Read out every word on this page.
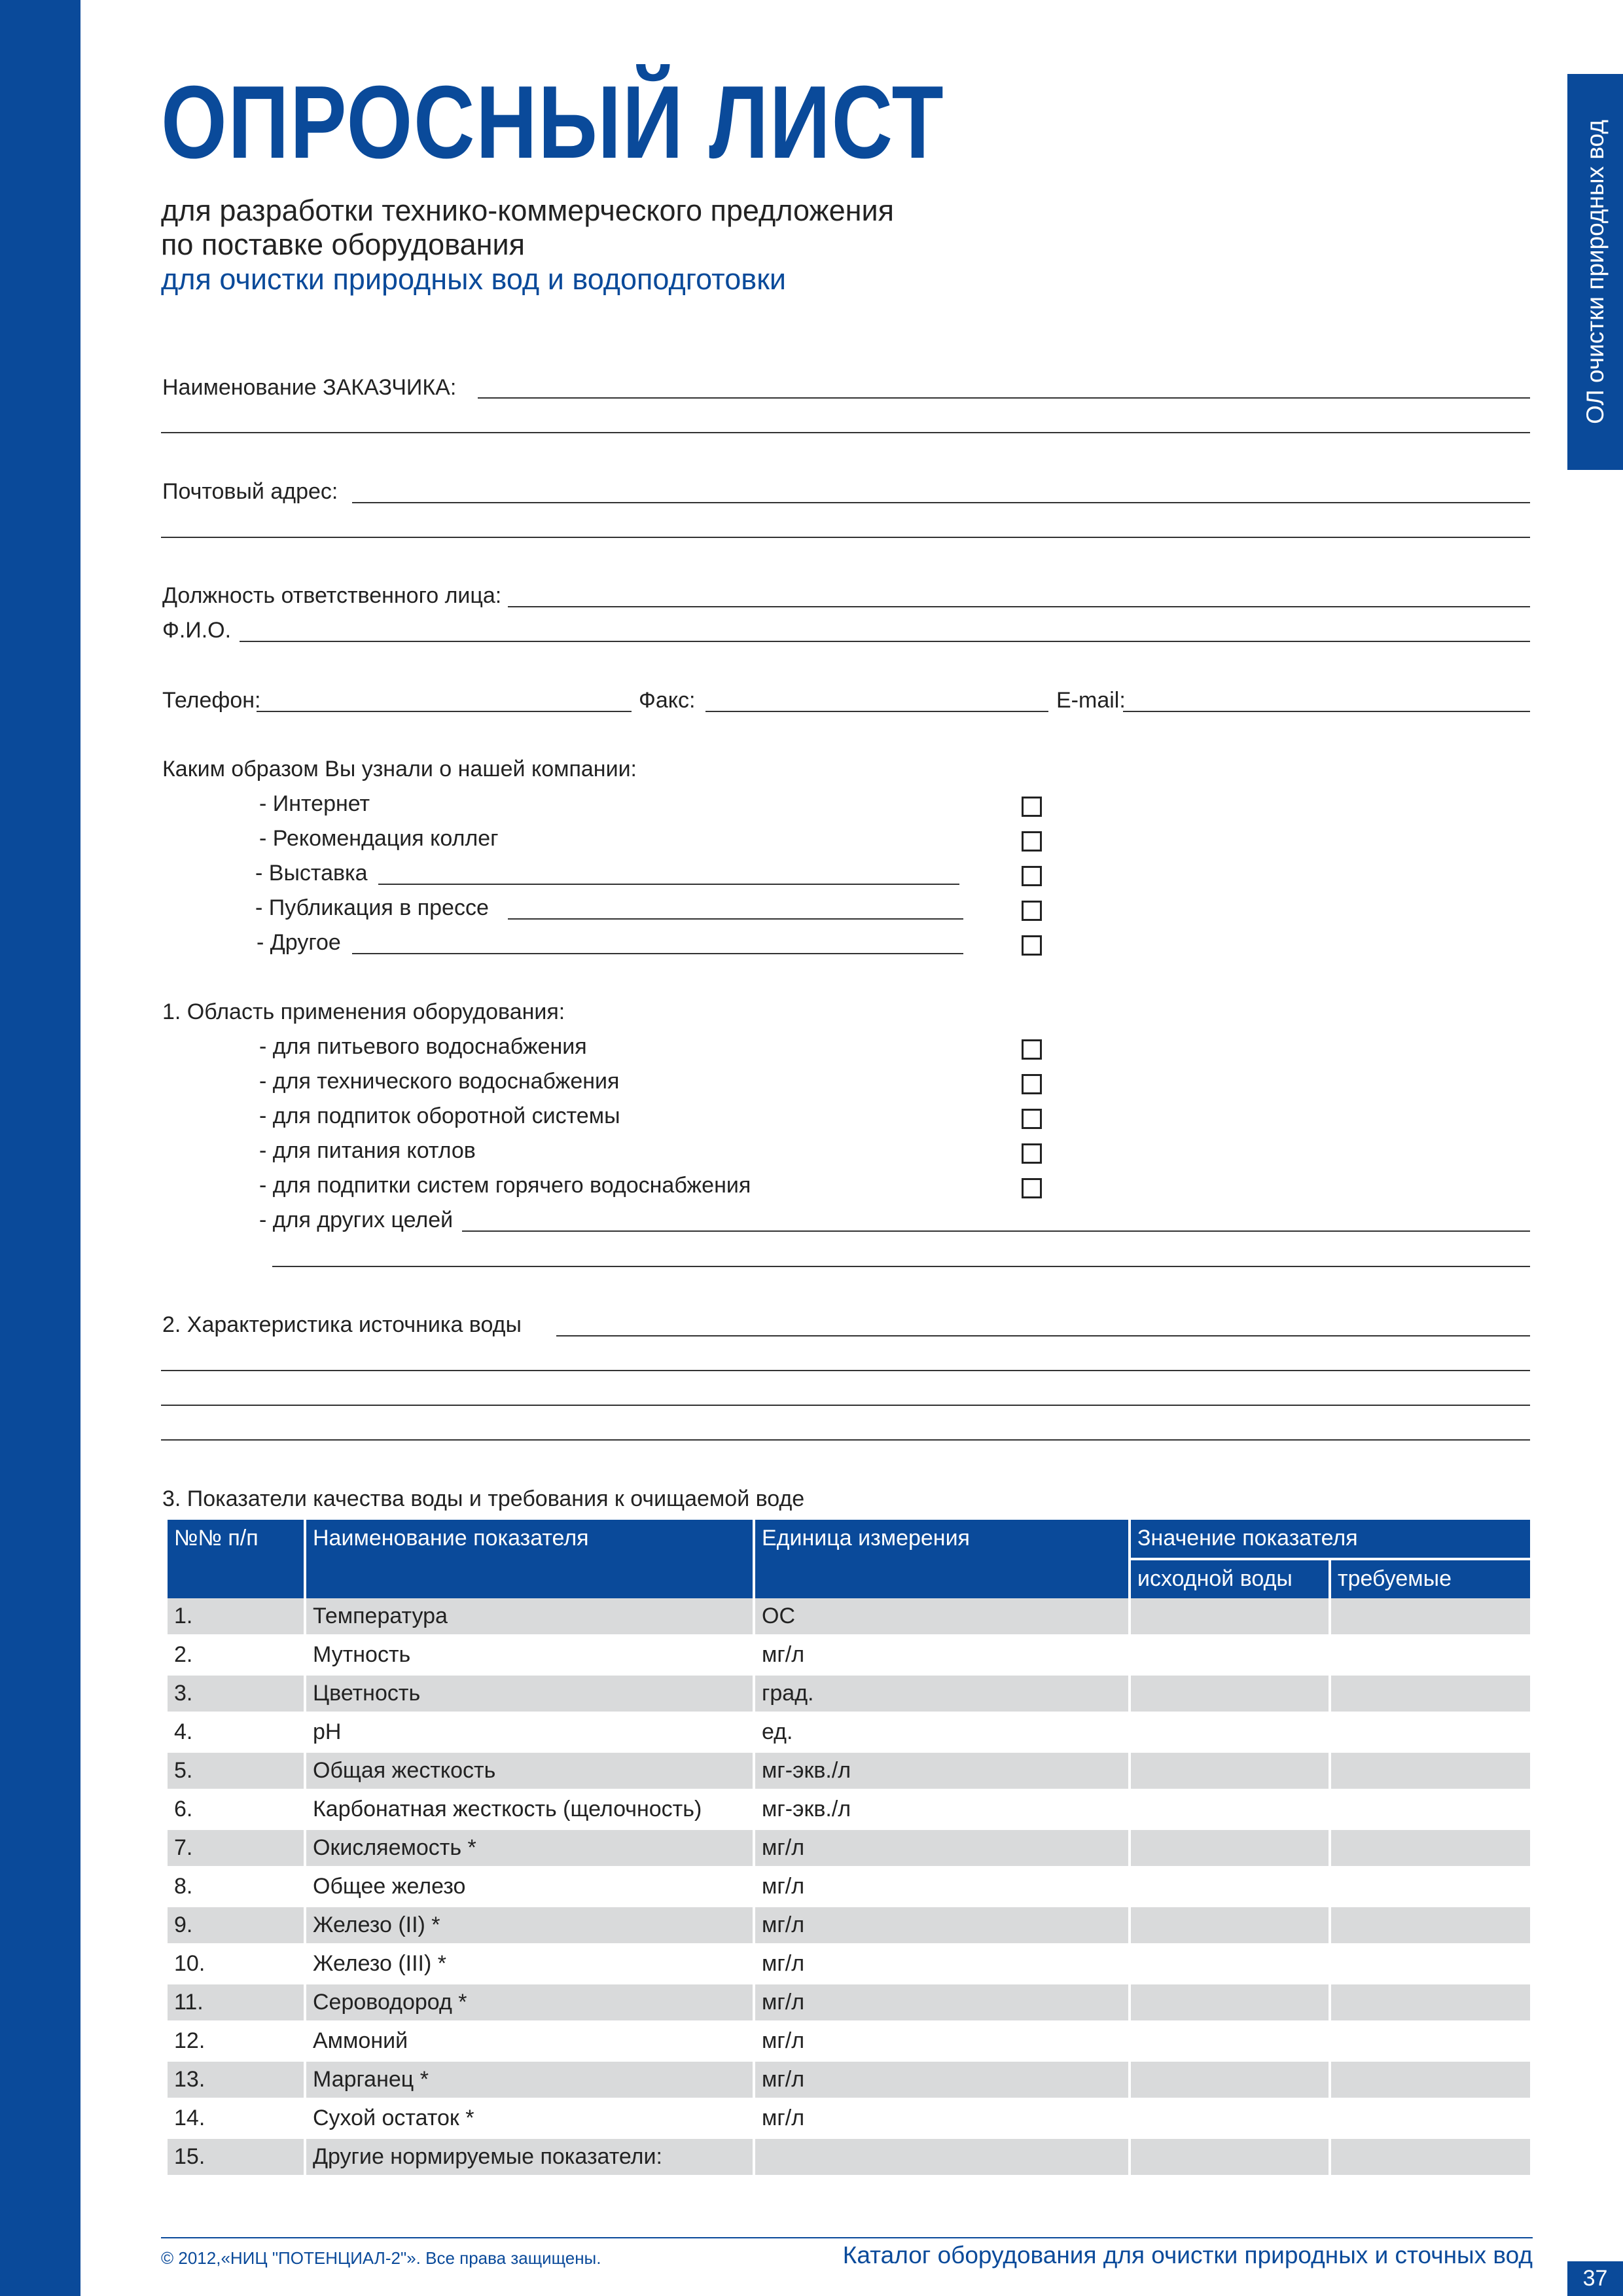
ОЛ очистки природных вод
ОПРОСНЫЙ ЛИСТ
для разработки технико-коммерческого предложения
по поставке оборудования
для очистки природных вод и водоподготовки
Наименование ЗАКАЗЧИКА:
Почтовый адрес:
Должность ответственного лица:
Ф.И.О.
Телефон:	Факс:	E-mail:
Каким образом Вы узнали о нашей компании:
- Интернет
- Рекомендация коллег
- Выставка
- Публикация в прессе
- Другое
1. Область применения оборудования:
- для питьевого водоснабжения
- для технического водоснабжения
- для подпиток оборотной системы
- для питания котлов
- для подпитки систем горячего водоснабжения
- для других целей
2. Характеристика источника воды
3. Показатели качества воды и требования к очищаемой воде
№№ п/п	Наименование показателя	Единица измерения	Значение показателя	
			исходной воды	требуемые
1.	Температура	OC		
2.	Мутность	мг/л		
3.	Цветность	град.		
4.	pH	ед.		
5.	Общая жесткость	мг-экв./л		
6.	Карбонатная жесткость (щелочность)	мг-экв./л		
7.	Окисляемость *	мг/л		
8.	Общее железо	мг/л		
9.	Железо (II) *	мг/л		
10.	Железо (III) *	мг/л		
11.	Сероводород *	мг/л		
12.	Аммоний	мг/л		
13.	Марганец *	мг/л		
14.	Сухой остаток *	мг/л		
15.	Другие нормируемые показатели:			
© 2012,«НИЦ "ПОТЕНЦИАЛ-2"». Все права защищены.	Каталог оборудования для очистки природных и сточных вод
37
